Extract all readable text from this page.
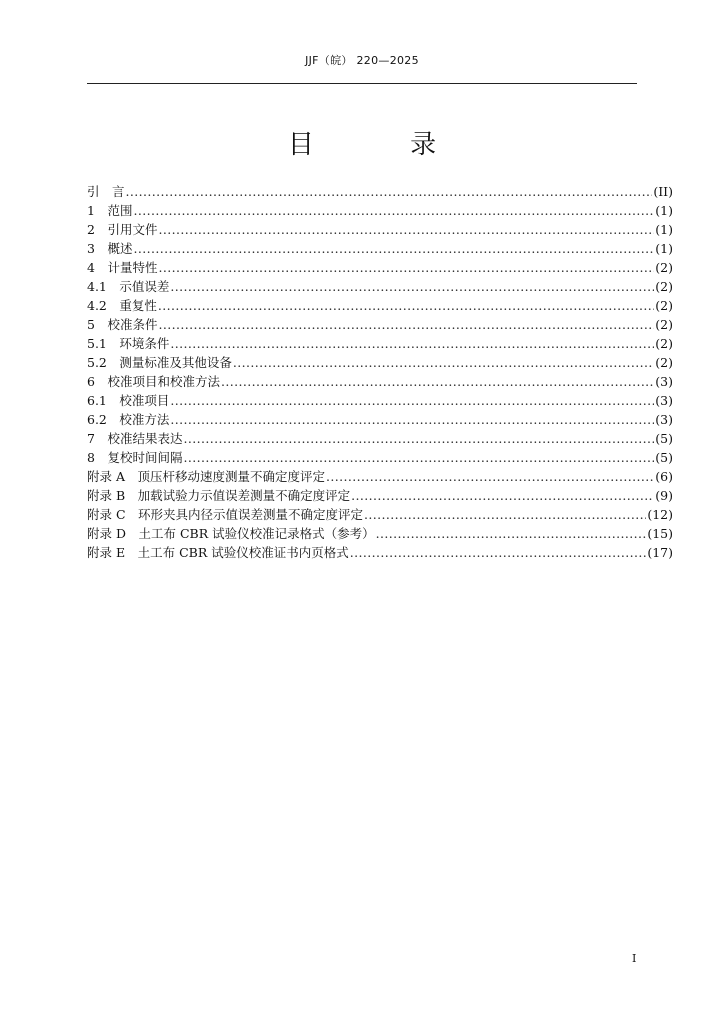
JJF（皖） 220—2025
目 录
引　言 .....	(II)
1　范围 .....	(1)
2　引用文件 .....	(1)
3　概述 .....	(1)
4　计量特性 .....	(2)
4.1　示值误差 .....	(2)
4.2　重复性 .....	(2)
5　校准条件 .....	(2)
5.1　环境条件 .....	(2)
5.2　测量标准及其他设备 .....	(2)
6　校准项目和校准方法 .....	(3)
6.1　校准项目 .....	(3)
6.2　校准方法 .....	(3)
7　校准结果表达 .....	(5)
8　复校时间间隔 .....	(5)
附录 A　顶压杆移动速度测量不确定度评定 .....	(6)
附录 B　加载试验力示值误差测量不确定度评定 .....	(9)
附录 C　环形夹具内径示值误差测量不确定度评定 .....	(12)
附录 D　土工布 CBR 试验仪校准记录格式（参考） .....	(15)
附录 E　土工布 CBR 试验仪校准证书内页格式 .....	(17)
I
